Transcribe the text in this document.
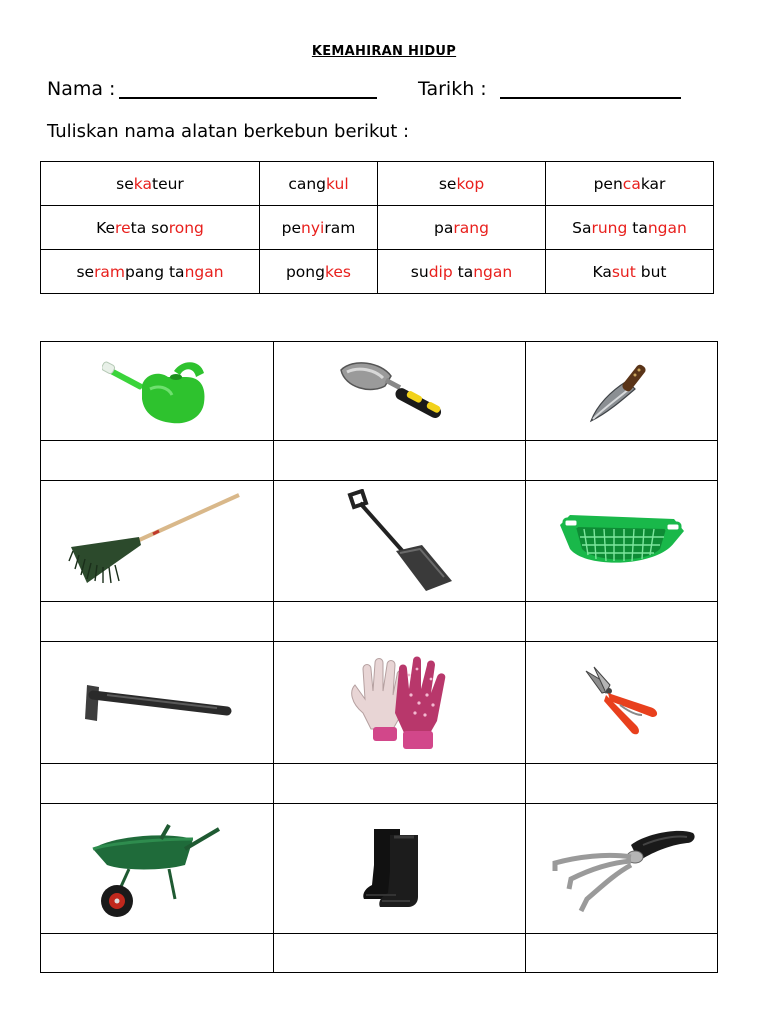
KEMAHIRAN HIDUP
Nama :	Tarikh :
Tuliskan nama alatan berkebun berikut :
sekateur	cangkul	sekop	pencakar
Kereta sorong	penyiram	parang	Sarung tangan
serampang tangan	pongkes	sudip tangan	Kasut but
